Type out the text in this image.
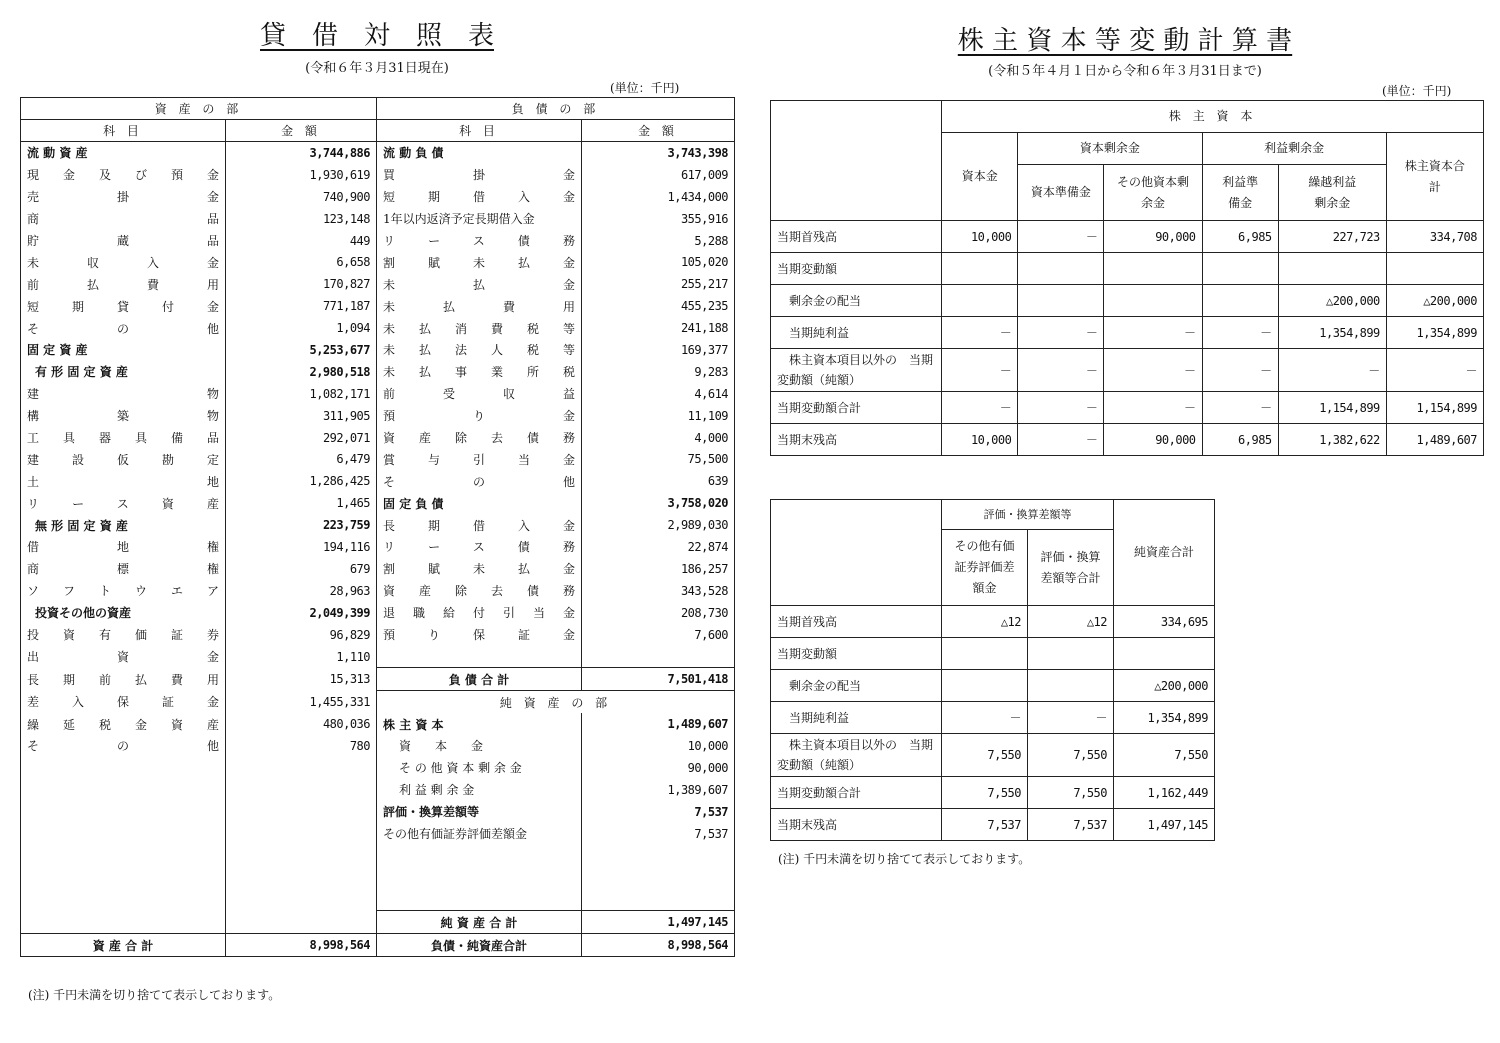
貸　借　対　照　表
(令和６年３月31日現在)
(単位：千円)
資 産 の 部		負 債 の 部	
科 目	金 額	科 目	金 額
流 動 資 産	3,744,886	流 動 負 債	3,743,398
現金及び預金	1,930,619	買掛金	617,009
売掛金	740,900	短期借入金	1,434,000
商品	123,148	1年以内返済予定長期借入金	355,916
貯蔵品	449	リース債務	5,288
未収入金	6,658	割賦未払金	105,020
前払費用	170,827	未払金	255,217
短期貸付金	771,187	未払費用	455,235
その他	1,094	未払消費税等	241,188
固 定 資 産	5,253,677	未払法人税等	169,377
有 形 固 定 資 産	2,980,518	未払事業所税	9,283
建物	1,082,171	前受収益	4,614
構築物	311,905	預り金	11,109
工具器具備品	292,071	資産除去債務	4,000
建設仮勘定	6,479	賞与引当金	75,500
土地	1,286,425	その他	639
リース資産	1,465	固 定 負 債	3,758,020
無 形 固 定 資 産	223,759	長期借入金	2,989,030
借地権	194,116	リース債務	22,874
商標権	679	割賦未払金	186,257
ソフトウエア	28,963	資産除去債務	343,528
投資その他の資産	2,049,399	退職給付引当金	208,730
投資有価証券	96,829	預り保証金	7,600
出資金	1,110		
長期前払費用	15,313	負 債 合 計	7,501,418
差入保証金	1,455,331	純 資 産 の 部	
繰延税金資産	480,036	株 主 資 本	1,489,607
その他	780	資　　本　　金	10,000
		そ の 他 資 本 剰 余 金	90,000
		利 益 剰 余 金	1,389,607
		評価・換算差額等	7,537
		その他有価証券評価差額金	7,537

		純 資 産 合 計	1,497,145
資 産 合 計	8,998,564	負債・純資産合計	8,998,564
(注) 千円未満を切り捨てて表示しております。
株 主 資 本 等 変 動 計 算 書
(令和５年４月１日から令和６年３月31日まで)
(単位：千円)
	株 主 資 本					
	資本金	資本剰余金		利益剰余金		株主資本合計
		資本準備金	その他資本剰余金	利益準備金	繰越利益剰余金	
当期首残高	10,000	－	90,000	6,985	227,723	334,708
当期変動額						
　剰余金の配当					△200,000	△200,000
　当期純利益	－	－	－	－	1,354,899	1,354,899
　株主資本項目以外の　当期変動額（純額）	－	－	－	－	－	－
当期変動額合計	－	－	－	－	1,154,899	1,154,899
当期末残高	10,000	－	90,000	6,985	1,382,622	1,489,607
	評価・換算差額等		純資産合計
	その他有価証券評価差額金	評価・換算差額等合計	
当期首残高	△12	△12	334,695
当期変動額			
　剰余金の配当			△200,000
　当期純利益	－	－	1,354,899
　株主資本項目以外の　当期変動額（純額）	7,550	7,550	7,550
当期変動額合計	7,550	7,550	1,162,449
当期末残高	7,537	7,537	1,497,145
(注) 千円未満を切り捨てて表示しております。
